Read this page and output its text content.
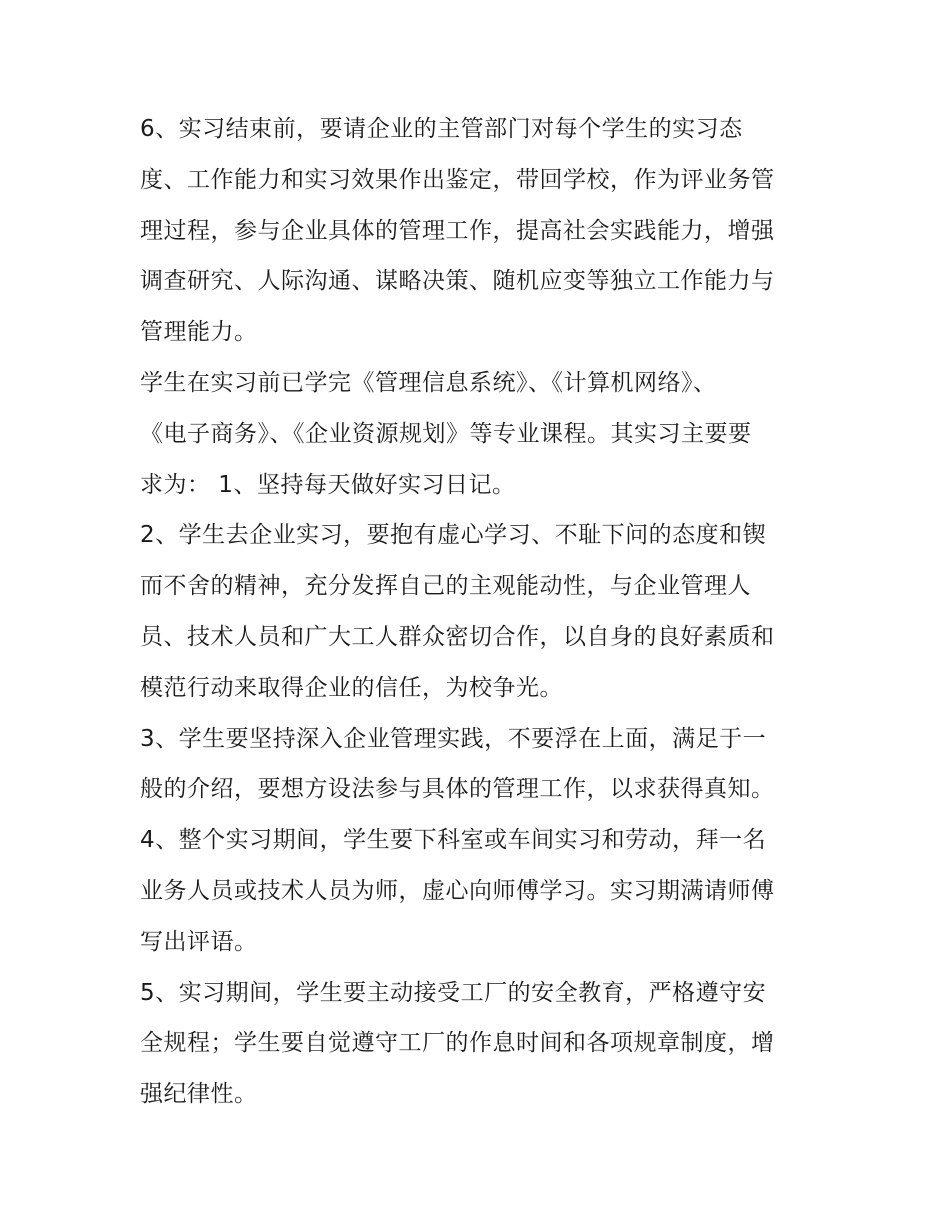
6、实习结束前，要请企业的主管部门对每个学生的实习态
度、工作能力和实习效果作出鉴定，带回学校，作为评业务管
理过程，参与企业具体的管理工作，提高社会实践能力，增强
调查研究、人际沟通、谋略决策、随机应变等独立工作能力与
管理能力。
学生在实习前已学完《管理信息系统》、《计算机网络》、
《电子商务》、《企业资源规划》等专业课程。其实习主要要
求为： 1、坚持每天做好实习日记。
2、学生去企业实习，要抱有虚心学习、不耻下问的态度和锲
而不舍的精神，充分发挥自己的主观能动性，与企业管理人
员、技术人员和广大工人群众密切合作，以自身的良好素质和
模范行动来取得企业的信任，为校争光。
3、学生要坚持深入企业管理实践，不要浮在上面，满足于一
般的介绍，要想方设法参与具体的管理工作，以求获得真知。
4、整个实习期间，学生要下科室或车间实习和劳动，拜一名
业务人员或技术人员为师，虚心向师傅学习。实习期满请师傅
写出评语。
5、实习期间，学生要主动接受工厂的安全教育，严格遵守安
全规程；学生要自觉遵守工厂的作息时间和各项规章制度，增
强纪律性。
